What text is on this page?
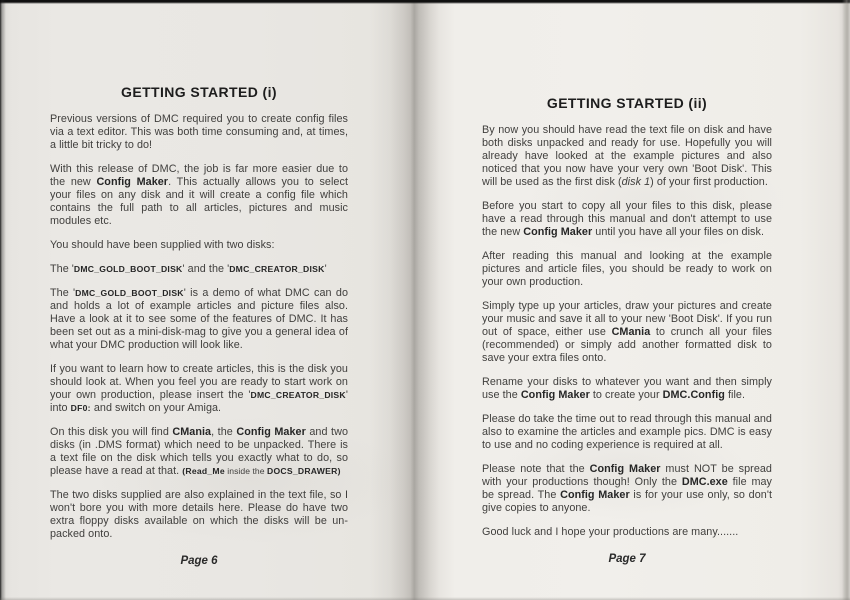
GETTING STARTED (i)

Previous versions of DMC required you to create config files via a text editor. This was both time consuming and, at times, a little bit tricky to do!

With this release of DMC, the job is far more easier due to the new Config Maker. This actually allows you to select your files on any disk and it will create a config file which contains the full path to all articles, pictures and music modules etc.

You should have been supplied with two disks:

The 'DMC_GOLD_BOOT_DISK' and the 'DMC_CREATOR_DISK'

The 'DMC_GOLD_BOOT_DISK' is a demo of what DMC can do and holds a lot of example articles and picture files also. Have a look at it to see some of the features of DMC. It has been set out as a mini-disk-mag to give you a general idea of what your DMC production will look like.

If you want to learn how to create articles, this is the disk you should look at. When you feel you are ready to start work on your own production, please insert the 'DMC_CREATOR_DISK' into DF0: and switch on your Amiga.

On this disk you will find CMania, the Config Maker and two disks (in .DMS format) which need to be unpacked. There is a text file on the disk which tells you exactly what to do, so please have a read at that. (Read_Me inside the DOCS_DRAWER)

The two disks supplied are also explained in the text file, so I won't bore you with more details here. Please do have two extra floppy disks available on which the disks will be un-packed onto.

Page 6
GETTING STARTED (ii)

By now you should have read the text file on disk and have both disks unpacked and ready for use. Hopefully you will already have looked at the example pictures and also noticed that you now have your very own 'Boot Disk'. This will be used as the first disk (disk 1) of your first production.

Before you start to copy all your files to this disk, please have a read through this manual and don't attempt to use the new Config Maker until you have all your files on disk.

After reading this manual and looking at the example pictures and article files, you should be ready to work on your own production.

Simply type up your articles, draw your pictures and create your music and save it all to your new 'Boot Disk'. If you run out of space, either use CMania to crunch all your files (recommended) or simply add another formatted disk to save your extra files onto.

Rename your disks to whatever you want and then simply use the Config Maker to create your DMC.Config file.

Please do take the time out to read through this manual and also to examine the articles and example pics. DMC is easy to use and no coding experience is required at all.

Please note that the Config Maker must NOT be spread with your productions though! Only the DMC.exe file may be spread. The Config Maker is for your use only, so don't give copies to anyone.

Good luck and I hope your productions are many.......

Page 7
